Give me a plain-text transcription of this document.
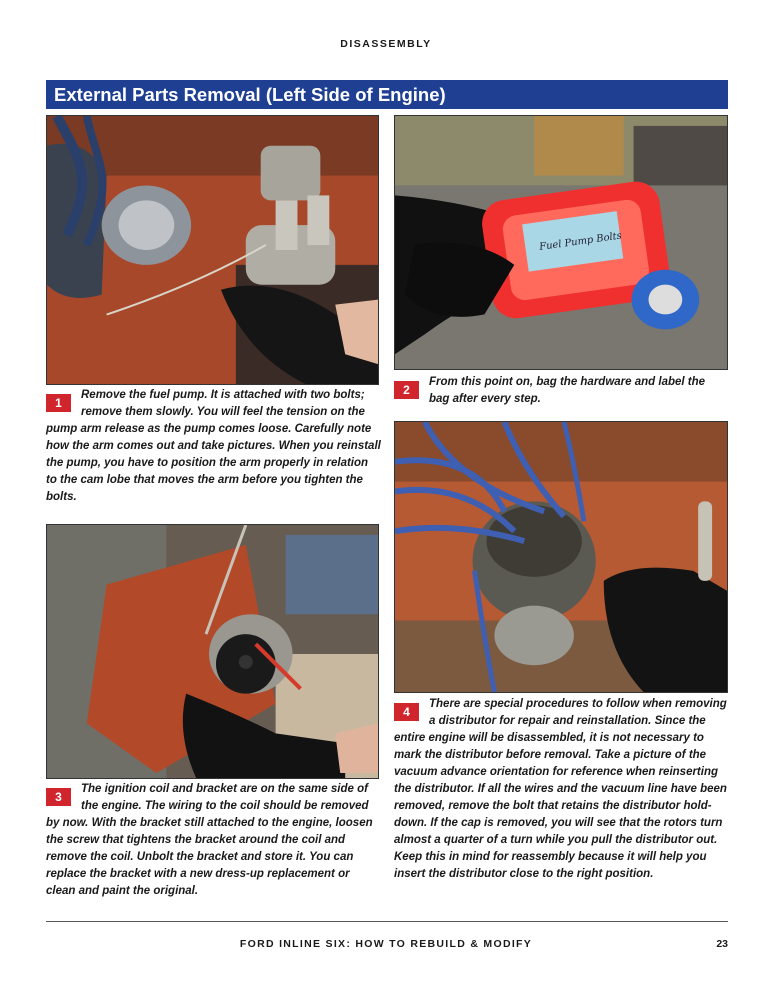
DISASSEMBLY
External Parts Removal (Left Side of Engine)
Fuel Pump Bolts
1
Remove the fuel pump. It is attached with two bolts; remove them slowly. You will feel the tension on the pump arm release as the pump comes loose. Carefully note how the arm comes out and take pictures. When you reinstall the pump, you have to position the arm properly in relation to the cam lobe that moves the arm before you tighten the bolts.
2
From this point on, bag the hardware and label the bag after every step.
3
The ignition coil and bracket are on the same side of the engine. The wiring to the coil should be removed by now. With the bracket still attached to the engine, loosen the screw that tightens the bracket around the coil and remove the coil. Unbolt the bracket and store it. You can replace the bracket with a new dress-up replacement or clean and paint the original.
4
There are special procedures to follow when removing a distributor for repair and reinstallation. Since the entire engine will be disassembled, it is not necessary to mark the distributor before removal. Take a picture of the vacuum advance orientation for reference when reinserting the distributor. If all the wires and the vacuum line have been removed, remove the bolt that retains the distributor hold-down. If the cap is removed, you will see that the rotors turn almost a quarter of a turn while you pull the distributor out. Keep this in mind for reassembly because it will help you insert the distributor close to the right position.
FORD INLINE SIX: HOW TO REBUILD & MODIFY	23
